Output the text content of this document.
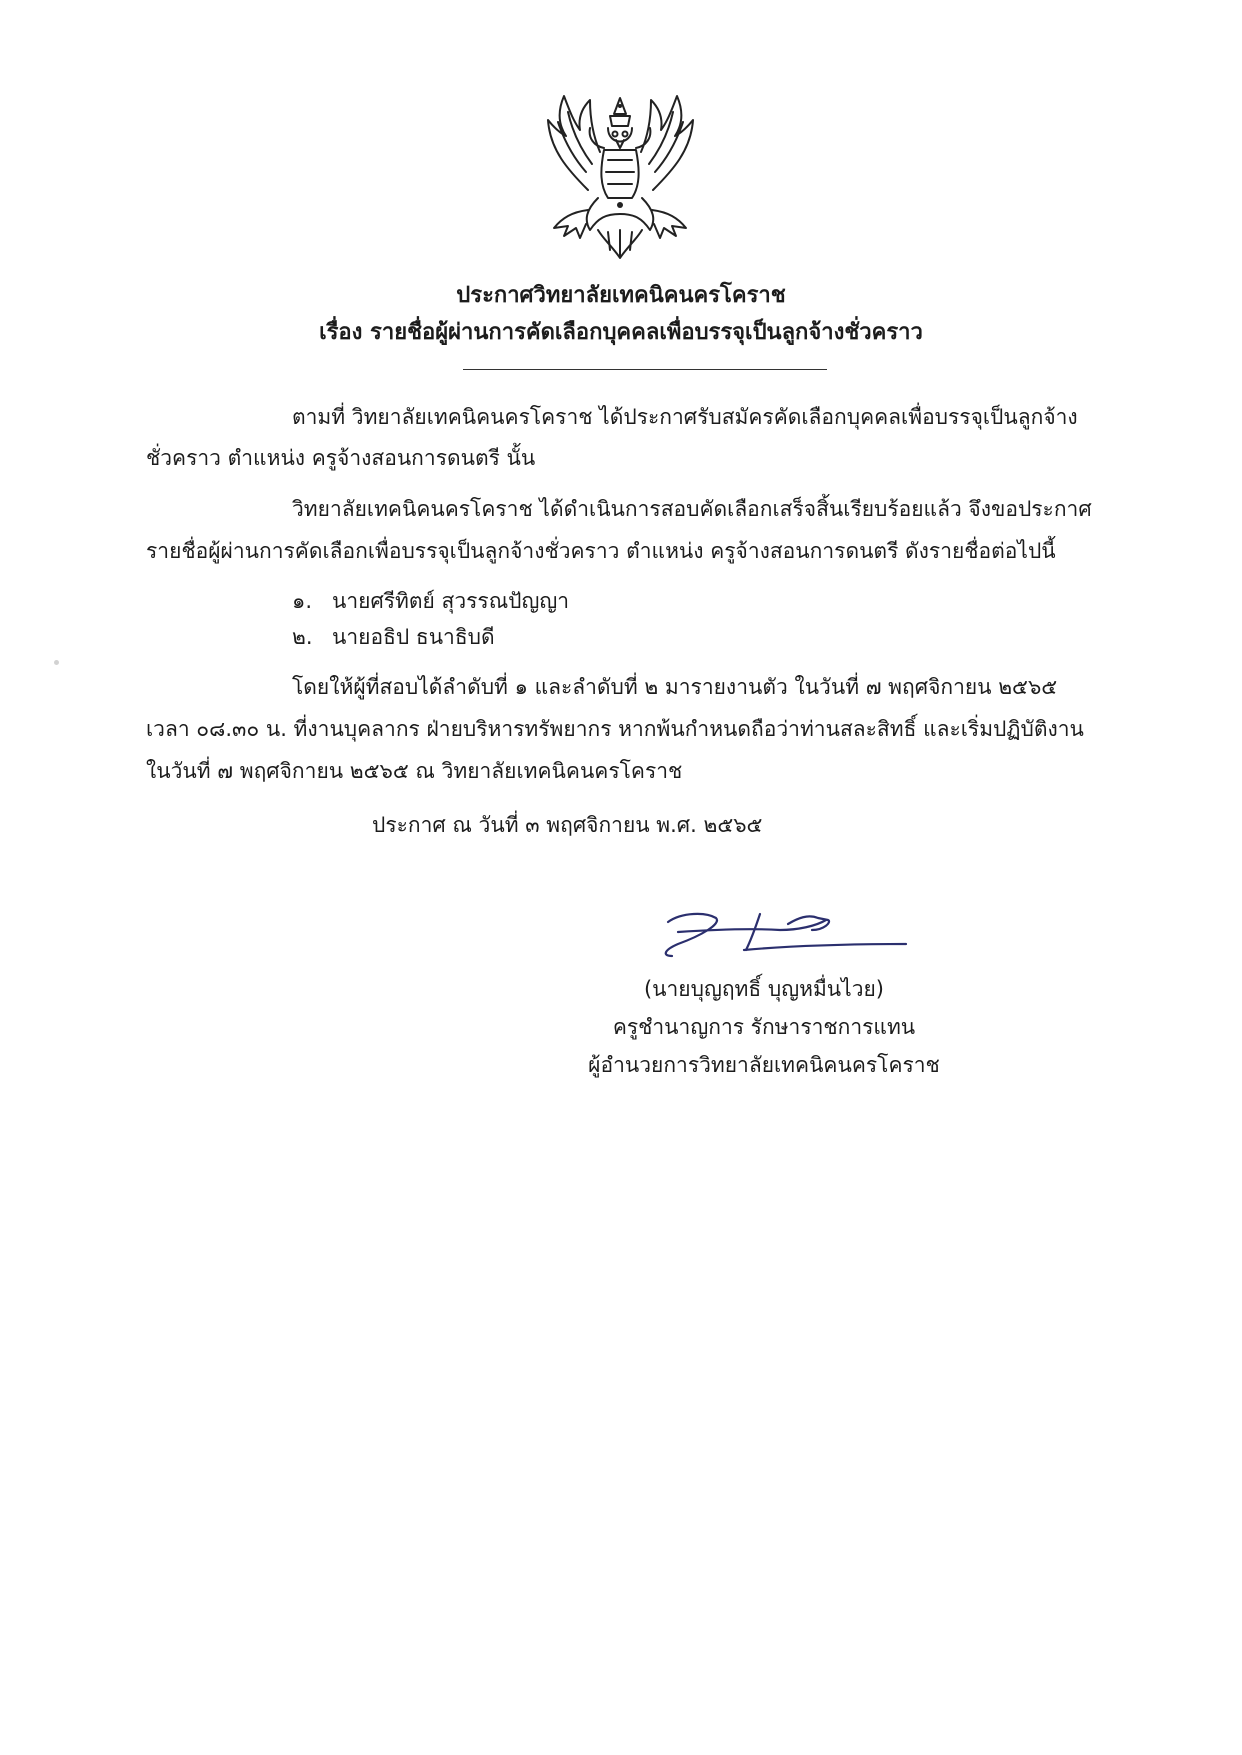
ประกาศวิทยาลัยเทคนิคนครโคราช
เรื่อง รายชื่อผู้ผ่านการคัดเลือกบุคคลเพื่อบรรจุเป็นลูกจ้างชั่วคราว
ตามที่ วิทยาลัยเทคนิคนครโคราช ได้ประกาศรับสมัครคัดเลือกบุคคลเพื่อบรรจุเป็นลูกจ้าง
ชั่วคราว ตำแหน่ง ครูจ้างสอนการดนตรี นั้น
วิทยาลัยเทคนิคนครโคราช ได้ดำเนินการสอบคัดเลือกเสร็จสิ้นเรียบร้อยแล้ว จึงขอประกาศ
รายชื่อผู้ผ่านการคัดเลือกเพื่อบรรจุเป็นลูกจ้างชั่วคราว ตำแหน่ง ครูจ้างสอนการดนตรี ดังรายชื่อต่อไปนี้
๑. นายศรีทิตย์ สุวรรณปัญญา
๒. นายอธิป ธนาธิบดี
โดยให้ผู้ที่สอบได้ลำดับที่ ๑ และลำดับที่ ๒ มารายงานตัว ในวันที่ ๗ พฤศจิกายน ๒๕๖๕
เวลา ๐๘.๓๐ น. ที่งานบุคลากร ฝ่ายบริหารทรัพยากร หากพ้นกำหนดถือว่าท่านสละสิทธิ์ และเริ่มปฏิบัติงาน
ในวันที่ ๗ พฤศจิกายน ๒๕๖๕ ณ วิทยาลัยเทคนิคนครโคราช
ประกาศ ณ วันที่ ๓ พฤศจิกายน พ.ศ. ๒๕๖๕
(นายบุญฤทธิ์ บุญหมื่นไวย)
ครูชำนาญการ รักษาราชการแทน
ผู้อำนวยการวิทยาลัยเทคนิคนครโคราช
